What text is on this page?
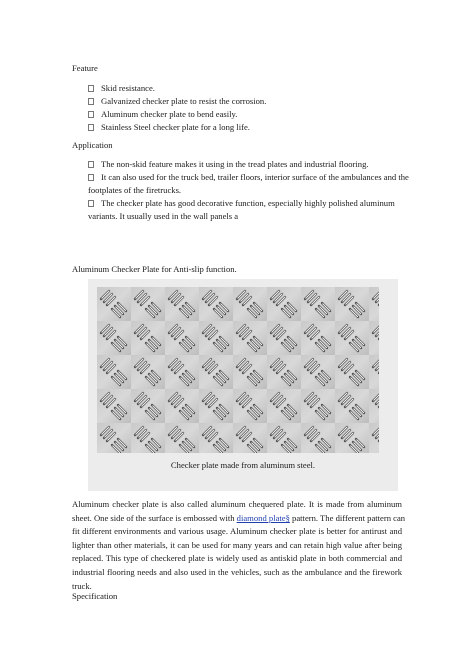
Feature
Skid resistance.
Galvanized checker plate to resist the corrosion.
Aluminum checker plate to bend easily.
Stainless Steel checker plate for a long life.
Application
The non-skid feature makes it using in the tread plates and industrial flooring.
It can also used for the truck bed, trailer floors, interior surface of the ambulances and the
footplates of the firetrucks.
The checker plate has good decorative function, especially highly polished aluminum
variants. It usually used in the wall panels a
Aluminum Checker Plate for Anti-slip function.
Checker plate made from aluminum steel.
Aluminum checker plate is also called aluminum chequered plate. It is made from aluminum
sheet. One side of the surface is embossed with diamond plate§ pattern. The different pattern can
fit different environments and various usage. Aluminum checker plate is better for antirust and
lighter than other materials, it can be used for many years and can retain high value after being
replaced. This type of checkered plate is widely used as antiskid plate in both commercial and
industrial flooring needs and also used in the vehicles, such as the ambulance and the firework
truck.
Specification
